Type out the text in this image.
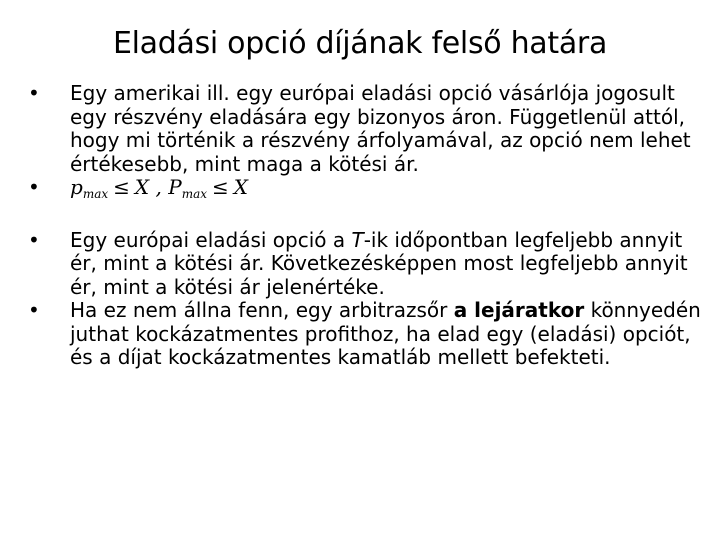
Eladási opció díjának felső határa
• Egy amerikai ill. egy európai eladási opció vásárlója jogosult egy részvény eladására egy bizonyos áron. Függetlenül attól, hogy mi történik a részvény árfolyamával, az opció nem lehet értékesebb, mint maga a kötési ár.
• $p_{max} \le X$ , $P_{max} \le X$
• Egy európai eladási opció a T-ik időpontban legfeljebb annyit ér, mint a kötési ár. Következésképpen most legfeljebb annyit ér, mint a kötési ár jelenértéke.
• Ha ez nem állna fenn, egy arbitrazsőr a lejáratkor könnyedén juthat kockázatmentes profithoz, ha elad egy (eladási) opciót, és a díjat kockázatmentes kamatláb mellett befekteti.
